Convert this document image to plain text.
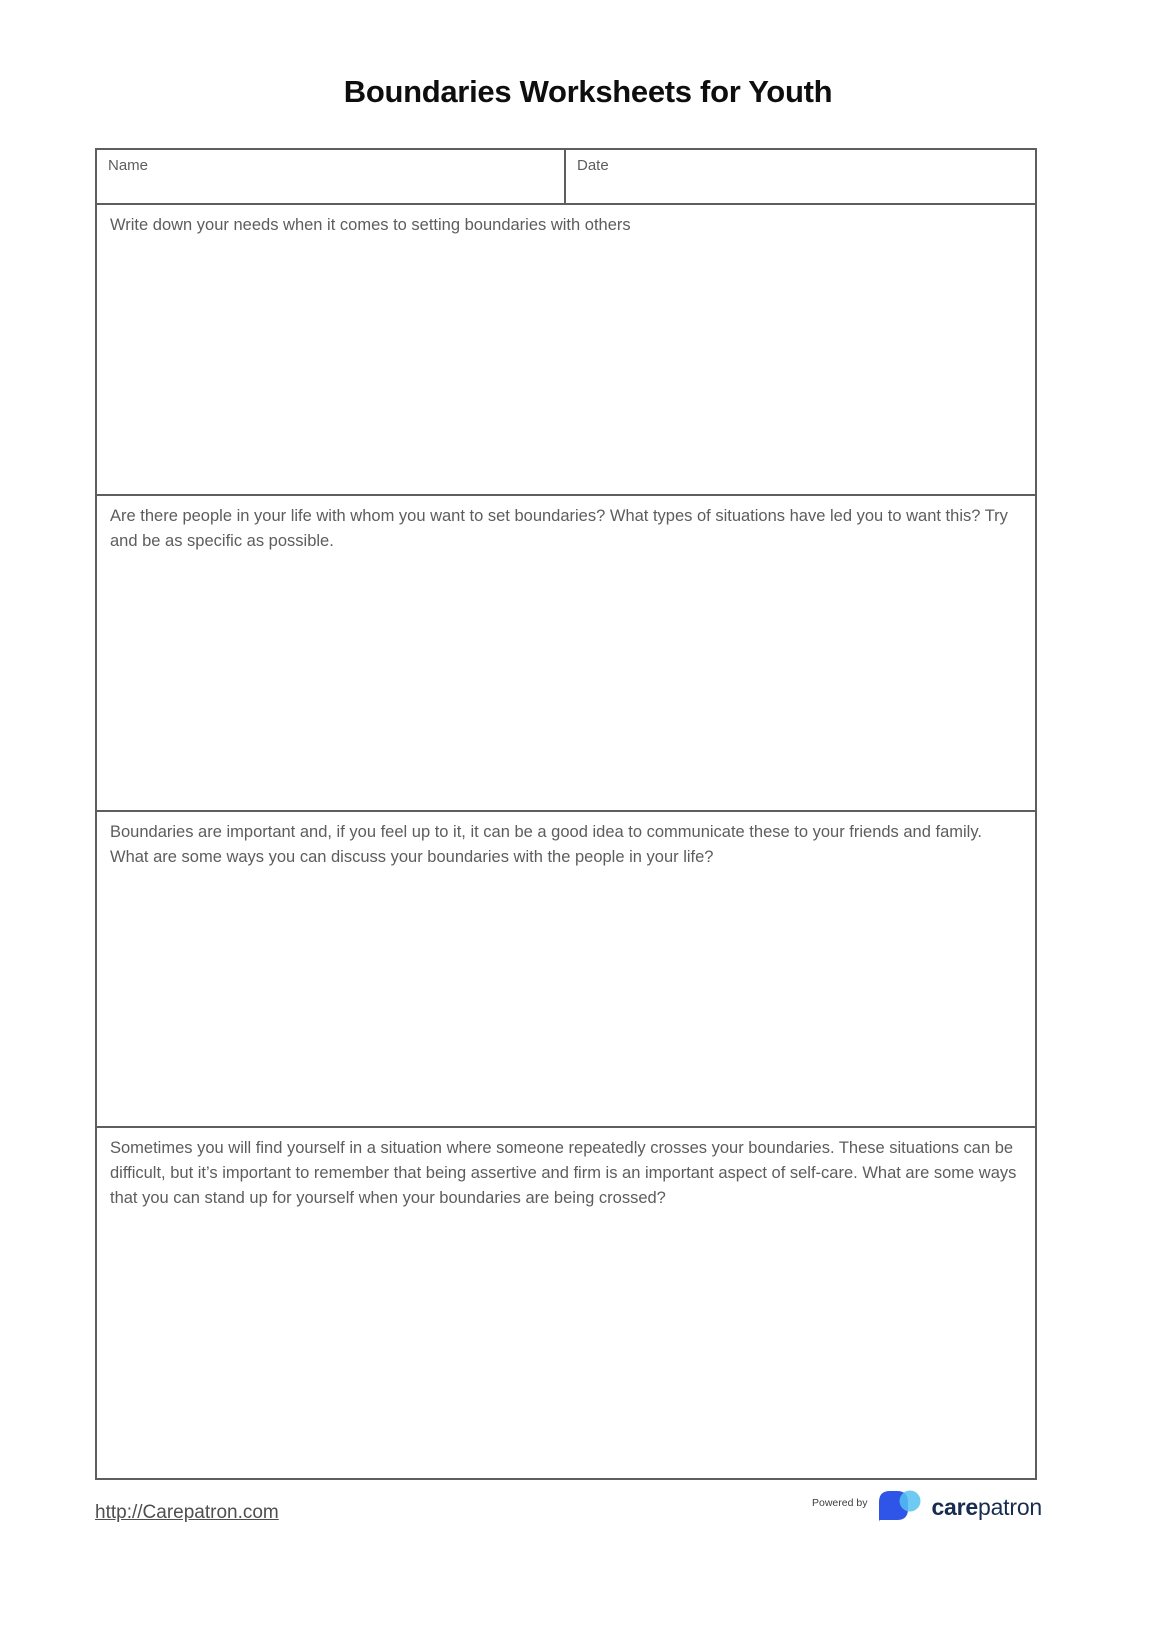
Boundaries Worksheets for Youth
Name	Date

Write down your needs when it comes to setting boundaries with others

Are there people in your life with whom you want to set boundaries? What types of situations have led you to want this? Try and be as specific as possible.

Boundaries are important and, if you feel up to it, it can be a good idea to communicate these to your friends and family. What are some ways you can discuss your boundaries with the people in your life?

Sometimes you will find yourself in a situation where someone repeatedly crosses your boundaries. These situations can be difficult, but it’s important to remember that being assertive and firm is an important aspect of self-care. What are some ways that you can stand up for yourself when your boundaries are being crossed?

http://Carepatron.com	Powered by	carepatron
